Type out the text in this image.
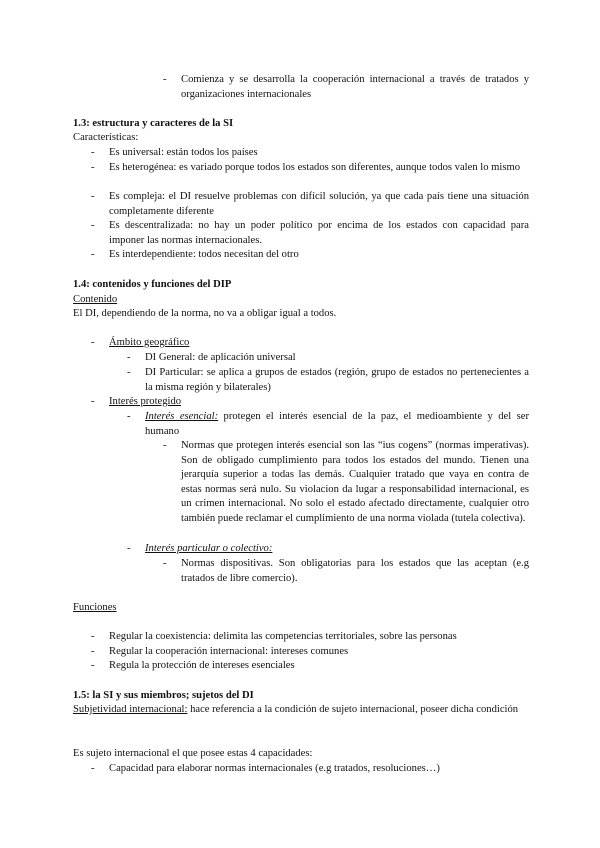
- Comienza y se desarrolla la cooperación internacional a través de tratados y organizaciones internacionales
1.3: estructura y caracteres de la SI
Características:
- Es universal: están todos los países
- Es heterogénea: es variado porque todos los estados son diferentes, aunque todos valen lo mismo
- Es compleja: el DI resuelve problemas con difícil solución, ya que cada país tiene una situación completamente diferente
- Es descentralizada: no hay un poder político por encima de los estados con capacidad para imponer las normas internacionales.
- Es interdependiente: todos necesitan del otro
1.4: contenidos y funciones del DIP
Contenido
El DI, dependiendo de la norma, no va a obligar igual a todos.
- Ámbito geográfico
- DI General: de aplicación universal
- DI Particular: se aplica a grupos de estados (región, grupo de estados no pertenecientes a la misma región y bilaterales)
- Interés protegido
- Interés esencial: protegen el interés esencial de la paz, el medioambiente y del ser humano
- Normas que protegen interés esencial son las “ius cogens” (normas imperativas). Son de obligado cumplimiento para todos los estados del mundo. Tienen una jerarquía superior a todas las demás. Cualquier tratado que vaya en contra de estas normas será nulo. Su violacion da lugar a responsabilidad internacional, es un crimen internacional. No solo el estado afectado directamente, cualquier otro también puede reclamar el cumplimiento de una norma violada (tutela colectiva).
- Interés particular o colectivo:
- Normas dispositivas. Son obligatorias para los estados que las aceptan (e.g tratados de libre comercio).
Funciones
- Regular la coexistencia: delimita las competencias territoriales, sobre las personas
- Regular la cooperación internacional: intereses comunes
- Regula la protección de intereses esenciales
1.5: la SI y sus miembros; sujetos del DI
Subjetividad internacional: hace referencia a la condición de sujeto internacional, poseer dicha condición
Es sujeto internacional el que posee estas 4 capacidades:
- Capacidad para elaborar normas internacionales (e.g tratados, resoluciones…)
